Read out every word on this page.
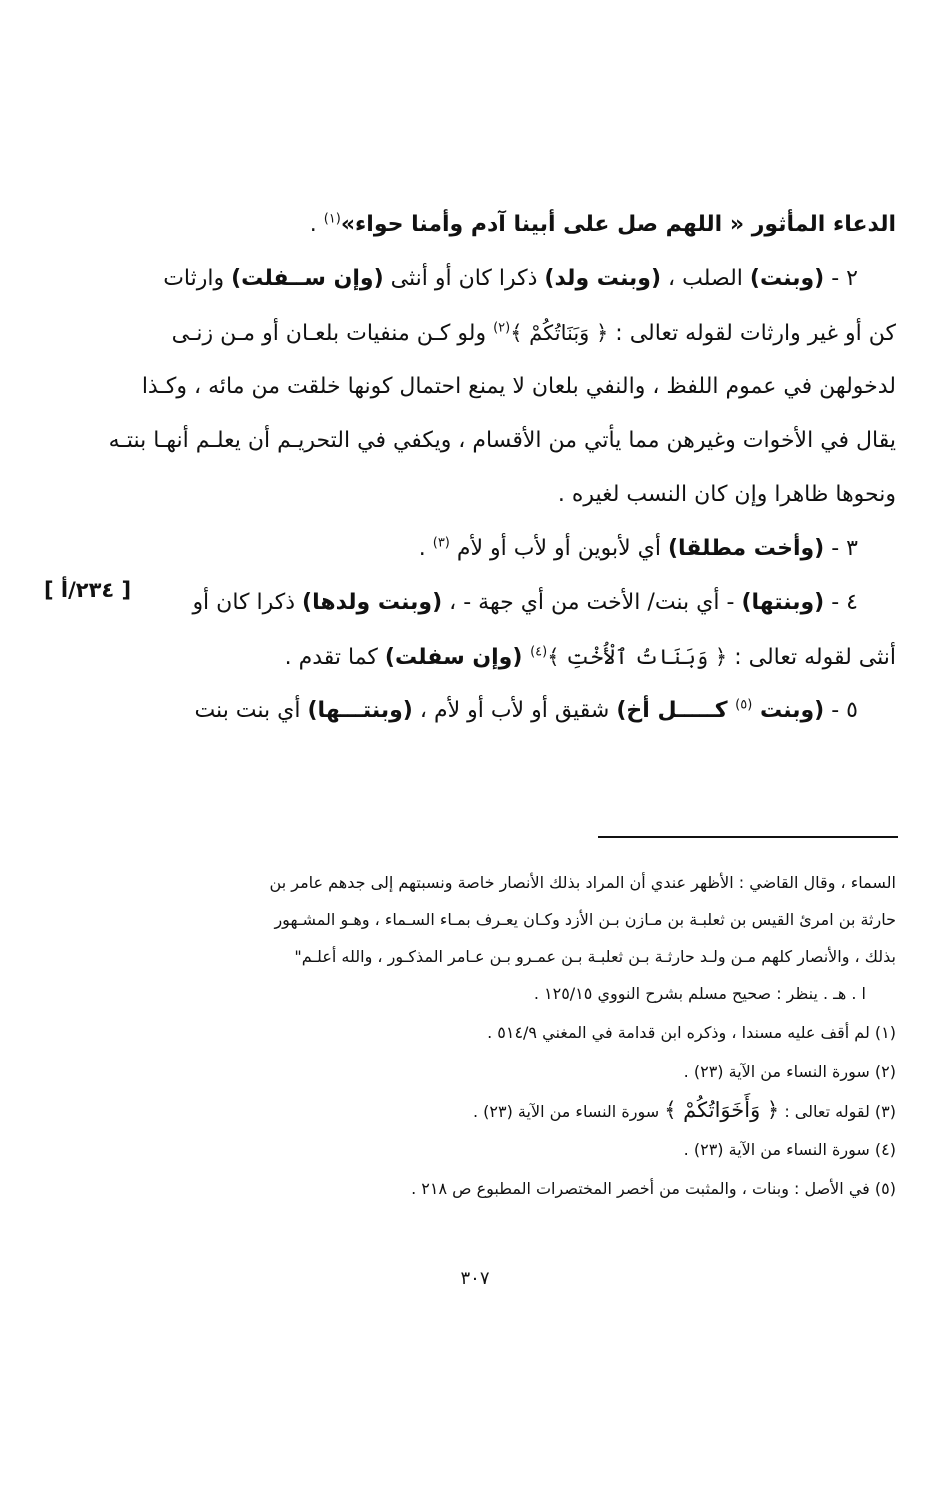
الدعاء المأثور « اللهم صل على أبينا آدم وأمنا حواء»$^{(١)}$ .
٢ - (وبنت) الصلب ، (وبنت ولد) ذكرا كان أو أنثى (وإن ســفلت) وارثات
كن أو غير وارثات لقوله تعالى : ﴿ وَبَنَاتُكُمْ ﴾$^{(٢)}$ ولو كـن منفيات بلعـان أو مـن زنـى
لدخولهن في عموم اللفظ ، والنفي بلعان لا يمنع احتمال كونها خلقت من مائه ، وكـذا
يقال في الأخوات وغيرهن مما يأتي من الأقسام ، ويكفي في التحريـم أن يعلـم أنهـا بنتـه
ونحوها ظاهرا وإن كان النسب لغيره .
٣ - (وأخت مطلقا) أي لأبوين أو لأب أو لأم $^{(٣)}$ .
٤ - (وبنتها) - أي بنت/ الأخت من أي جهة - ، (وبنت ولدها) ذكرا كان أو
أنثى لقوله تعالى : ﴿ وَبَنَاتُ ٱلْأُخْتِ ﴾$^{(٤)}$ (وإن سفلت) كما تقدم .
٥ - (وبنت $^{(٥)}$ كـــــل أخ) شقيق أو لأب أو لأم ، (وبنتـــها) أي بنت بنت
[ ٢٣٤/أ ]
السماء ، وقال القاضي : الأظهر عندي أن المراد بذلك الأنصار خاصة ونسبتهم إلى جدهم عامر بن
حارثة بن امرئ القيس بن ثعلبـة بن مـازن بـن الأزد وكـان يعـرف بمـاء السـماء ، وهـو المشـهور
بذلك ، والأنصار كلهم مـن ولـد حارثـة بـن ثعلبـة بـن عمـرو بـن عـامر المذكـور ، والله أعلـم"
ا . هـ . ينظر : صحيح مسلم بشرح النووي ١٢٥/١٥ .
(١) لم أقف عليه مسندا ، وذكره ابن قدامة في المغني ٥١٤/٩ .
(٢) سورة النساء من الآية (٢٣) .
(٣) لقوله تعالى : ﴿ وَأَخَوَاتُكُمْ ﴾ سورة النساء من الآية (٢٣) .
(٤) سورة النساء من الآية (٢٣) .
(٥) في الأصل : وبنات ، والمثبت من أخصر المختصرات المطبوع ص ٢١٨ .
٣٠٧
